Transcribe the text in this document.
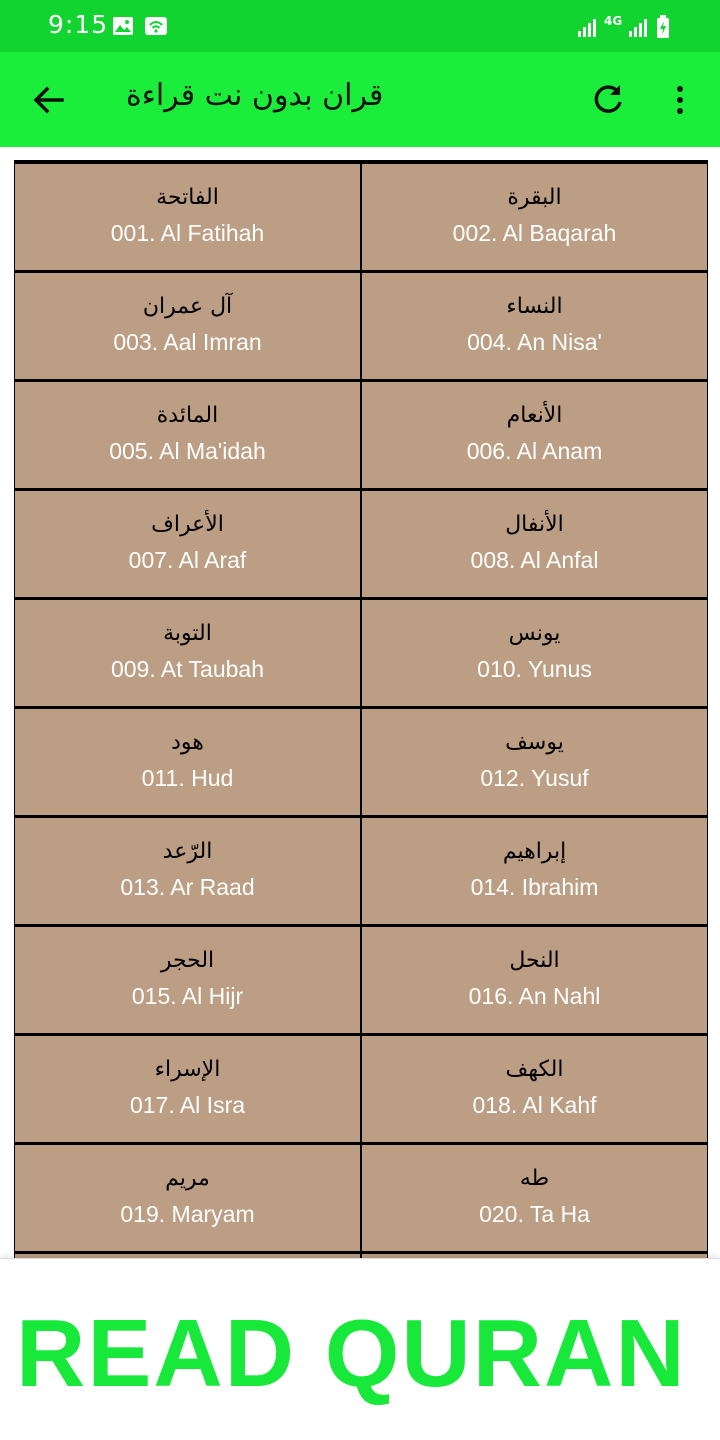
9:15	4G
قران بدون نت قراءة
الفاتحة
001. Al Fatihah
البقرة
002. Al Baqarah
آل عمران
003. Aal Imran
النساء
004. An Nisa'
المائدة
005. Al Ma'idah
الأنعام
006. Al Anam
الأعراف
007. Al Araf
الأنفال
008. Al Anfal
التوبة
009. At Taubah
يونس
010. Yunus
هود
011. Hud
يوسف
012. Yusuf
الرّعد
013. Ar Raad
إبراهيم
014. Ibrahim
الحجر
015. Al Hijr
النحل
016. An Nahl
الإسراء
017. Al Isra
الكهف
018. Al Kahf
مريم
019. Maryam
طه
020. Ta Ha
READ QURAN
